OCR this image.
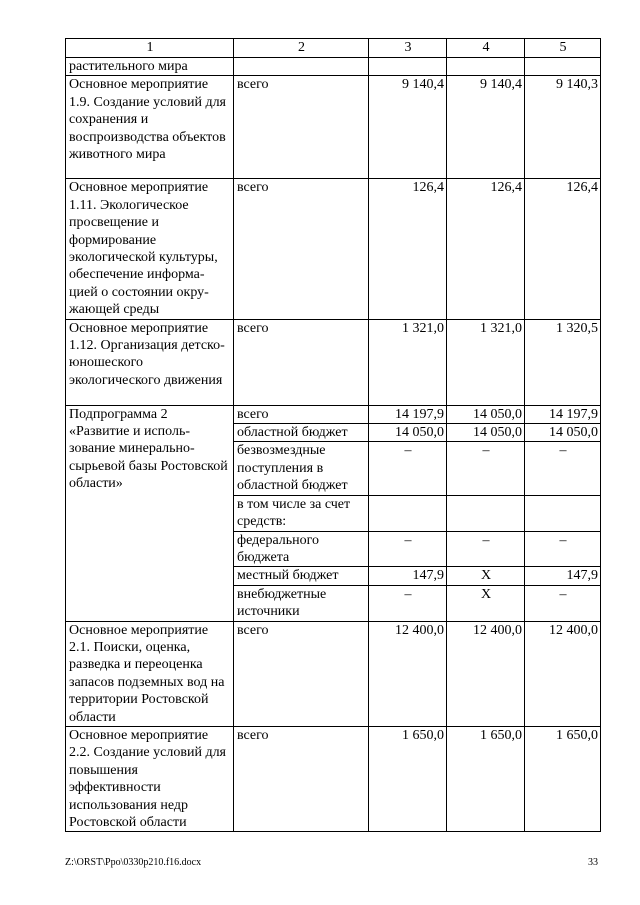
1	2	3	4	5
растительного мира				
Основное мероприятие 1.9. Создание условий для сохранения и воспроизводства объектов животного мира	всего	9 140,4	9 140,4	9 140,3
Основное мероприятие 1.11. Экологическое просвещение и формирование экологической культуры, обеспечение информа-цией о состоянии окру-жающей среды	всего	126,4	126,4	126,4
Основное мероприятие 1.12. Организация детско-юношеского экологического движения	всего	1 321,0	1 321,0	1 320,5
Подпрограмма 2 «Развитие и исполь-зование минерально-сырьевой базы Ростовской области»	всего	14 197,9	14 050,0	14 197,9
	областной бюджет	14 050,0	14 050,0	14 050,0
	безвозмездные поступления в областной бюджет	–	–	–
	в том числе за счет средств:			
	федерального бюджета	–	–	–
	местный бюджет	147,9	Х	147,9
	внебюджетные источники	–	Х	–
Основное мероприятие 2.1. Поиски, оценка, разведка и переоценка запасов подземных вод на территории Ростовской области	всего	12 400,0	12 400,0	12 400,0
Основное мероприятие 2.2. Создание условий для повышения эффективности использования недр Ростовской области	всего	1 650,0	1 650,0	1 650,0
Z:\ORST\Ppo\0330p210.f16.docx	33
